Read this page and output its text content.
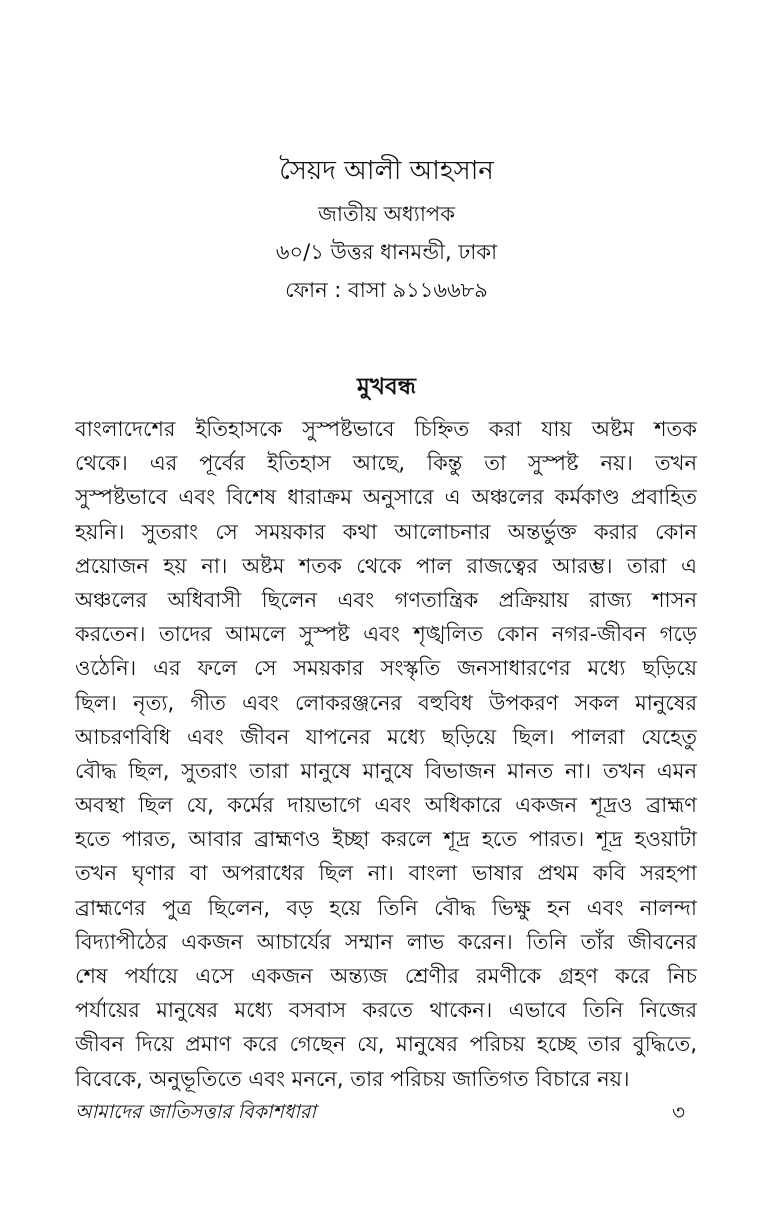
সৈয়দ আলী আহসান
জাতীয় অধ্যাপক
৬০/১ উত্তর ধানমন্ডী, ঢাকা
ফোন : বাসা ৯১১৬৬৮৯
মুখবন্ধ
বাংলাদেশের ইতিহাসকে সুস্পষ্টভাবে চিহ্নিত করা যায় অষ্টম শতক
থেকে। এর পূর্বের ইতিহাস আছে, কিন্তু তা সুস্পষ্ট নয়। তখন
সুস্পষ্টভাবে এবং বিশেষ ধারাক্রম অনুসারে এ অঞ্চলের কর্মকাণ্ড প্রবাহিত
হয়নি। সুতরাং সে সময়কার কথা আলোচনার অন্তর্ভুক্ত করার কোন
প্রয়োজন হয় না। অষ্টম শতক থেকে পাল রাজত্বের আরম্ভ। তারা এ
অঞ্চলের অধিবাসী ছিলেন এবং গণতান্ত্রিক প্রক্রিয়ায় রাজ্য শাসন
করতেন। তাদের আমলে সুস্পষ্ট এবং শৃঙ্খলিত কোন নগর-জীবন গড়ে
ওঠেনি। এর ফলে সে সময়কার সংস্কৃতি জনসাধারণের মধ্যে ছড়িয়ে
ছিল। নৃত্য, গীত এবং লোকরঞ্জনের বহুবিধ উপকরণ সকল মানুষের
আচরণবিধি এবং জীবন যাপনের মধ্যে ছড়িয়ে ছিল। পালরা যেহেতু
বৌদ্ধ ছিল, সুতরাং তারা মানুষে মানুষে বিভাজন মানত না। তখন এমন
অবস্থা ছিল যে, কর্মের দায়ভাগে এবং অধিকারে একজন শূদ্রও ব্রাহ্মণ
হতে পারত, আবার ব্রাহ্মণও ইচ্ছা করলে শূদ্র হতে পারত। শূদ্র হওয়াটা
তখন ঘৃণার বা অপরাধের ছিল না। বাংলা ভাষার প্রথম কবি সরহপা
ব্রাহ্মণের পুত্র ছিলেন, বড় হয়ে তিনি বৌদ্ধ ভিক্ষু হন এবং নালন্দা
বিদ্যাপীঠের একজন আচার্যের সম্মান লাভ করেন। তিনি তাঁর জীবনের
শেষ পর্যায়ে এসে একজন অন্ত্যজ শ্রেণীর রমণীকে গ্রহণ করে নিচ
পর্যায়ের মানুষের মধ্যে বসবাস করতে থাকেন। এভাবে তিনি নিজের
জীবন দিয়ে প্রমাণ করে গেছেন যে, মানুষের পরিচয় হচ্ছে তার বুদ্ধিতে,
বিবেকে, অনুভূতিতে এবং মননে, তার পরিচয় জাতিগত বিচারে নয়।
আমাদের জাতিসত্তার বিকাশধারা	৩
